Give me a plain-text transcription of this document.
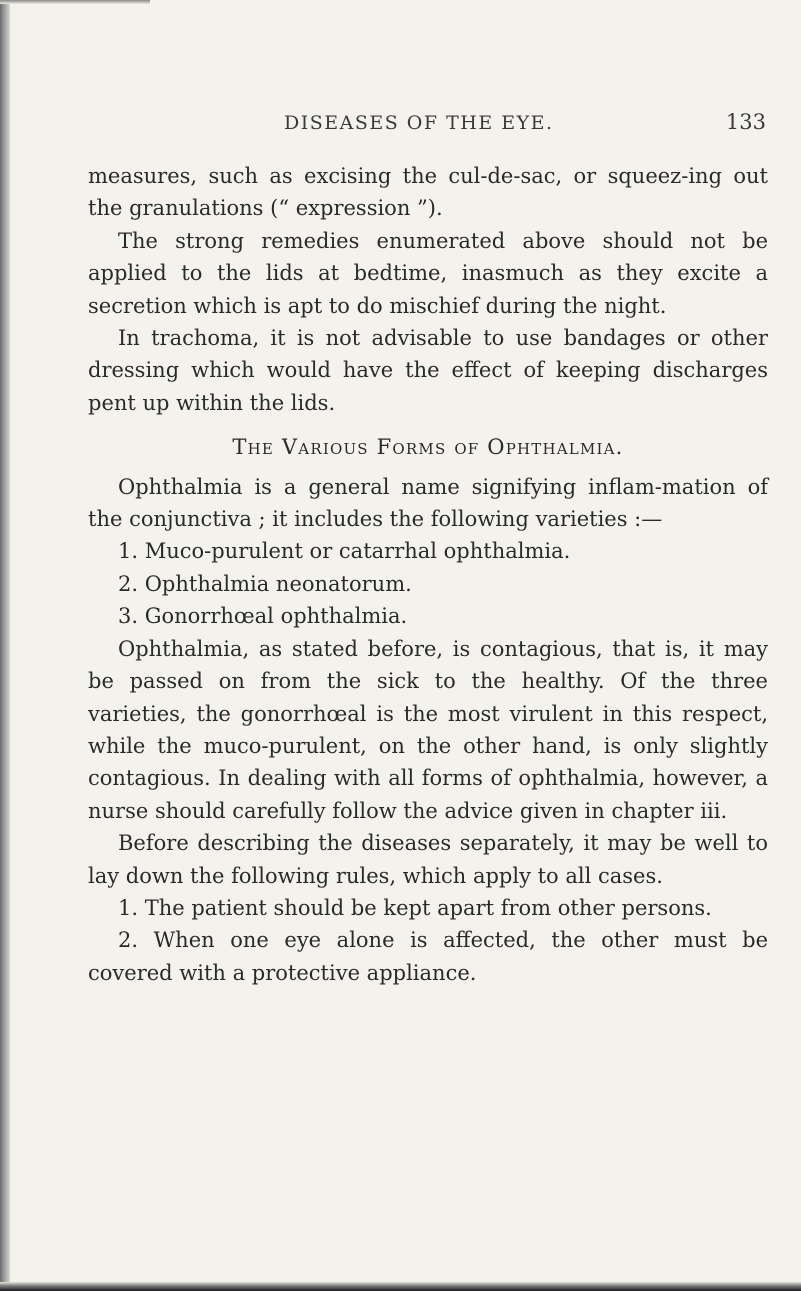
DISEASES OF THE EYE.	133

measures, such as excising the cul-de-sac, or squeez-ing out the granulations (“ expression ”).

The strong remedies enumerated above should not be applied to the lids at bedtime, inasmuch as they excite a secretion which is apt to do mischief during the night.

In trachoma, it is not advisable to use bandages or other dressing which would have the effect of keeping discharges pent up within the lids.

The Various Forms of Ophthalmia.

Ophthalmia is a general name signifying inflam-mation of the conjunctiva ; it includes the following varieties :—

1. Muco-purulent or catarrhal ophthalmia.

2. Ophthalmia neonatorum.

3. Gonorrhœal ophthalmia.

Ophthalmia, as stated before, is contagious, that is, it may be passed on from the sick to the healthy. Of the three varieties, the gonorrhœal is the most virulent in this respect, while the muco-purulent, on the other hand, is only slightly contagious. In dealing with all forms of ophthalmia, however, a nurse should carefully follow the advice given in chapter iii.

Before describing the diseases separately, it may be well to lay down the following rules, which apply to all cases.

1. The patient should be kept apart from other persons.

2. When one eye alone is affected, the other must be covered with a protective appliance.
